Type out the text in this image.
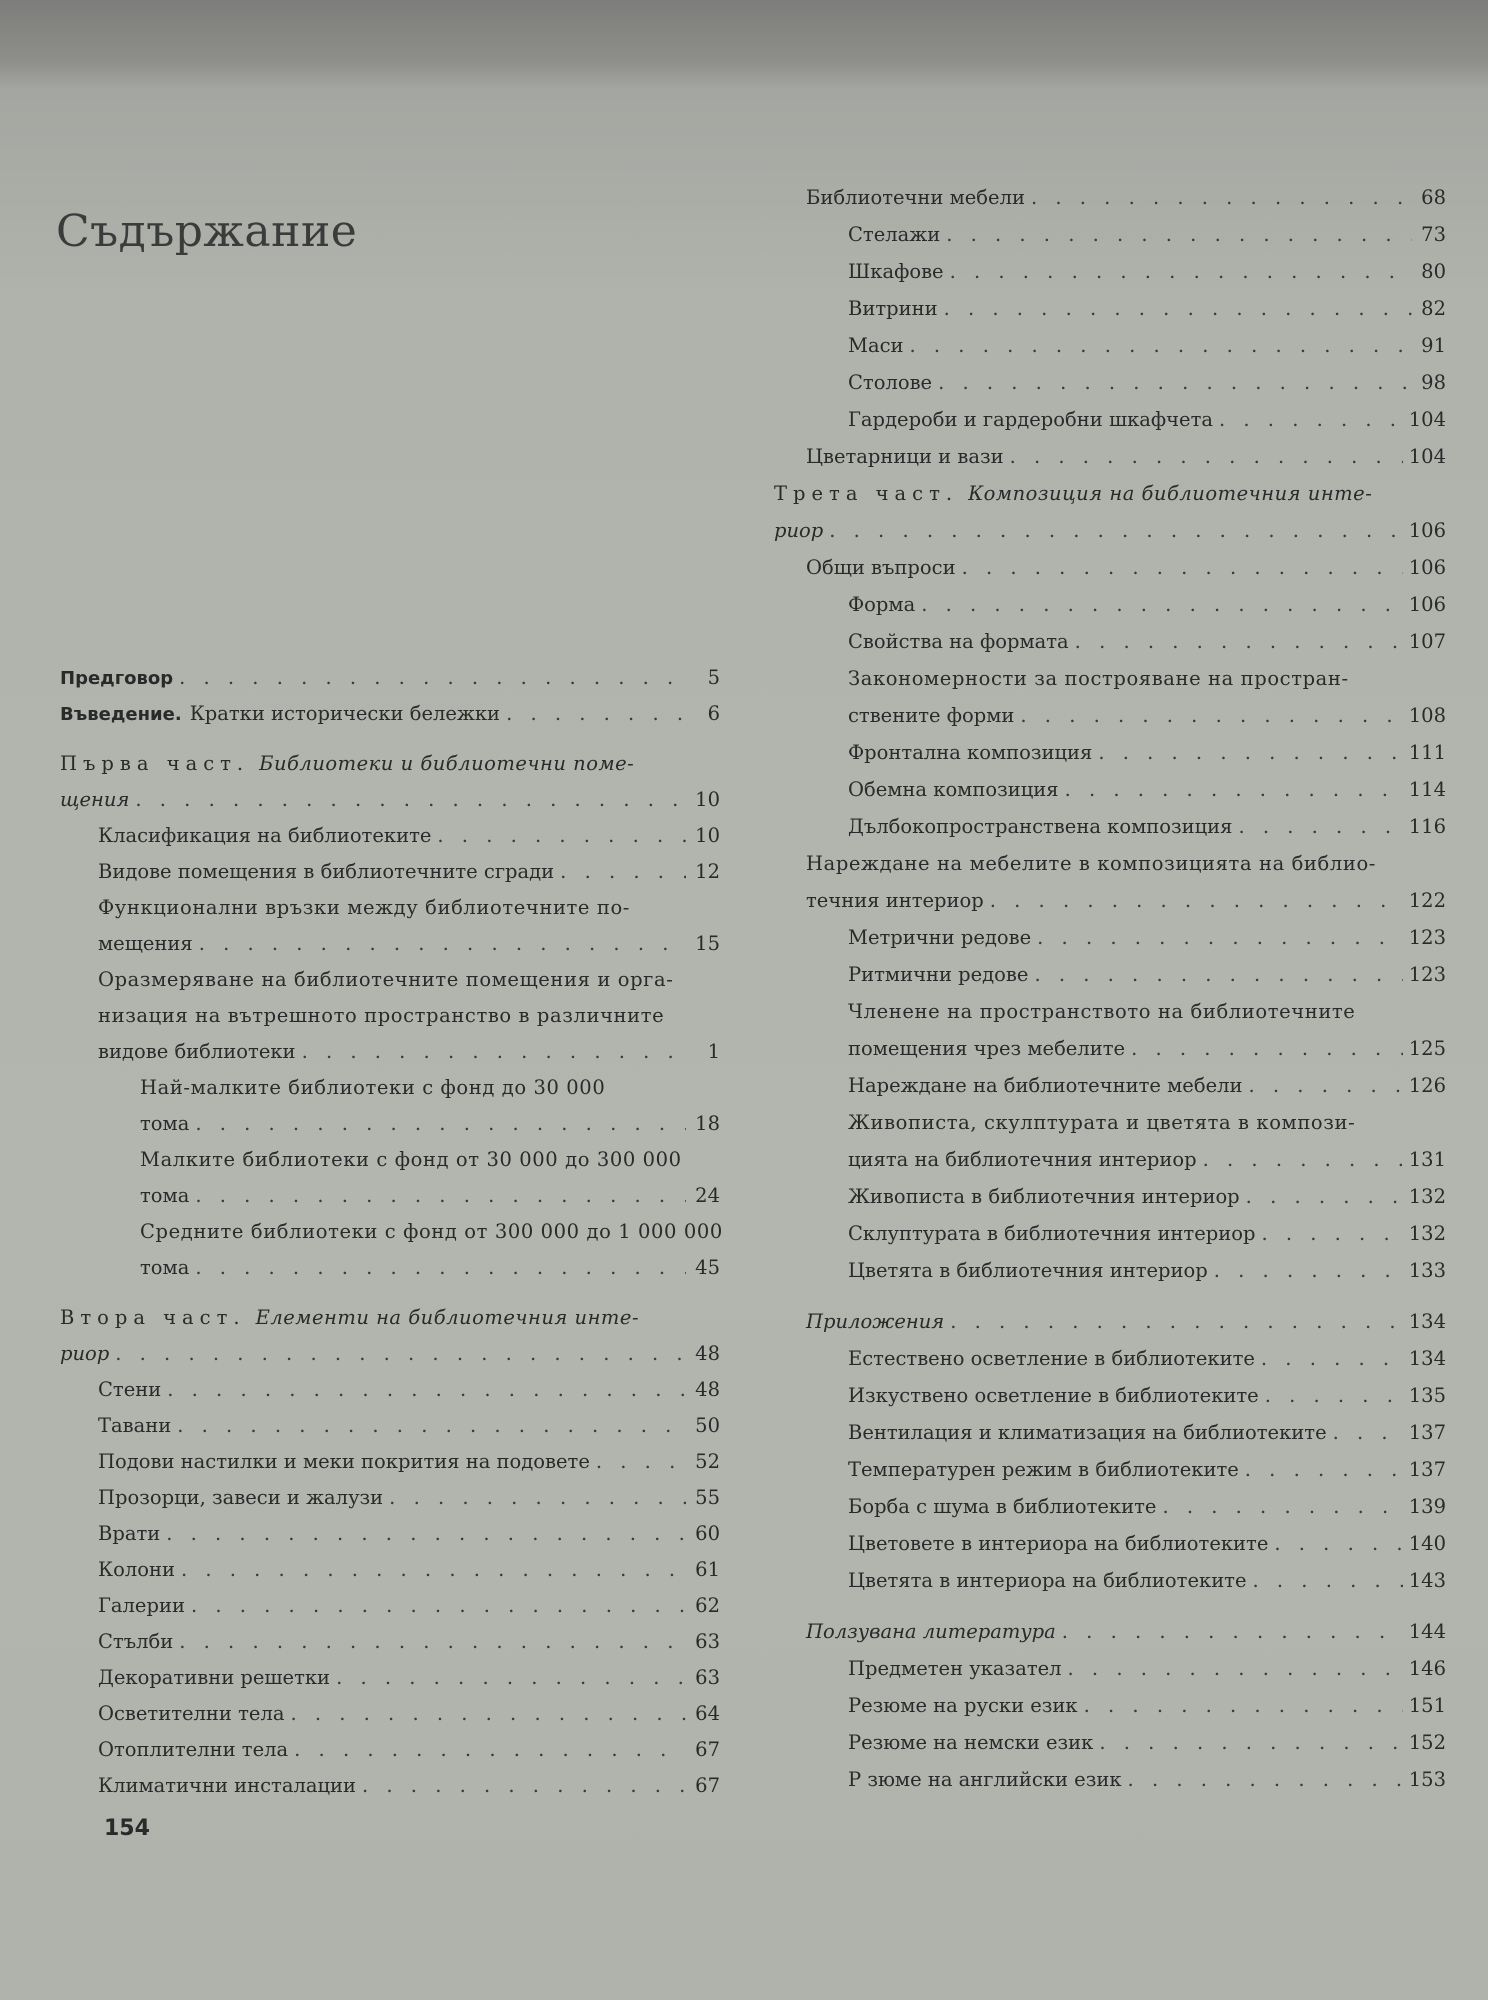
Съдържание
Предговор . . .	5
Въведение. Кратки исторически бележки . . .	6
Първа част. Библиотеки и библиотечни поме-
щения . . .	10
Класификация на библиотеките . . .	10
Видове помещения в библиотечните сгради . . .	12
Функционални връзки между библиотечните по-
мещения . . .	15
Оразмеряване на библиотечните помещения и орга-
низация на вътрешното пространство в различните
видове библиотеки . . .	1
Най-малките библиотеки с фонд до 30 000
тома . . .	18
Малките библиотеки с фонд от 30 000 до 300 000
тома . . .	24
Средните библиотеки с фонд от 300 000 до 1 000 000
тома . . .	45
Втора част. Елементи на библиотечния инте-
риор . . .	48
Стени . . .	48
Тавани . . .	50
Подови настилки и меки покрития на подовете . . .	52
Прозорци, завеси и жалузи . . .	55
Врати . . .	60
Колони . . .	61
Галерии . . .	62
Стълби . . .	63
Декоративни решетки . . .	63
Осветителни тела . . .	64
Отоплителни тела . . .	67
Климатични инсталации . . .	67
Библиотечни мебели . . .	68
Стелажи . . .	73
Шкафове . . .	80
Витрини . . .	82
Маси . . .	91
Столове . . .	98
Гардероби и гардеробни шкафчета . . .	104
Цветарници и вази . . .	104
Трета част. Композиция на библиотечния инте-
риор . . .	106
Общи въпроси . . .	106
Форма . . .	106
Свойства на формата . . .	107
Закономерности за построяване на простран-
ствените форми . . .	108
Фронтална композиция . . .	111
Обемна композиция . . .	114
Дълбокопространствена композиция . . .	116
Нареждане на мебелите в композицията на библио-
течния интериор . . .	122
Метрични редове . . .	123
Ритмични редове . . .	123
Членене на пространството на библиотечните
помещения чрез мебелите . . .	125
Нареждане на библиотечните мебели . . .	126
Живописта, скулптурата и цветята в компози-
цията на библиотечния интериор . . .	131
Живописта в библиотечния интериор . . .	132
Склуптурата в библиотечния интериор . . .	132
Цветята в библиотечния интериор . . .	133
Приложения . . .	134
Естествено осветление в библиотеките . . .	134
Изкуствено осветление в библиотеките . . .	135
Вентилация и климатизация на библиотеките . . .	137
Температурен режим в библиотеките . . .	137
Борба с шума в библиотеките . . .	139
Цветовете в интериора на библиотеките . . .	140
Цветята в интериора на библиотеките . . .	143
Ползувана литература . . .	144
Предметен указател . . .	146
Резюме на руски език . . .	151
Резюме на немски език . . .	152
Р зюме на английски език . . .	153
154
